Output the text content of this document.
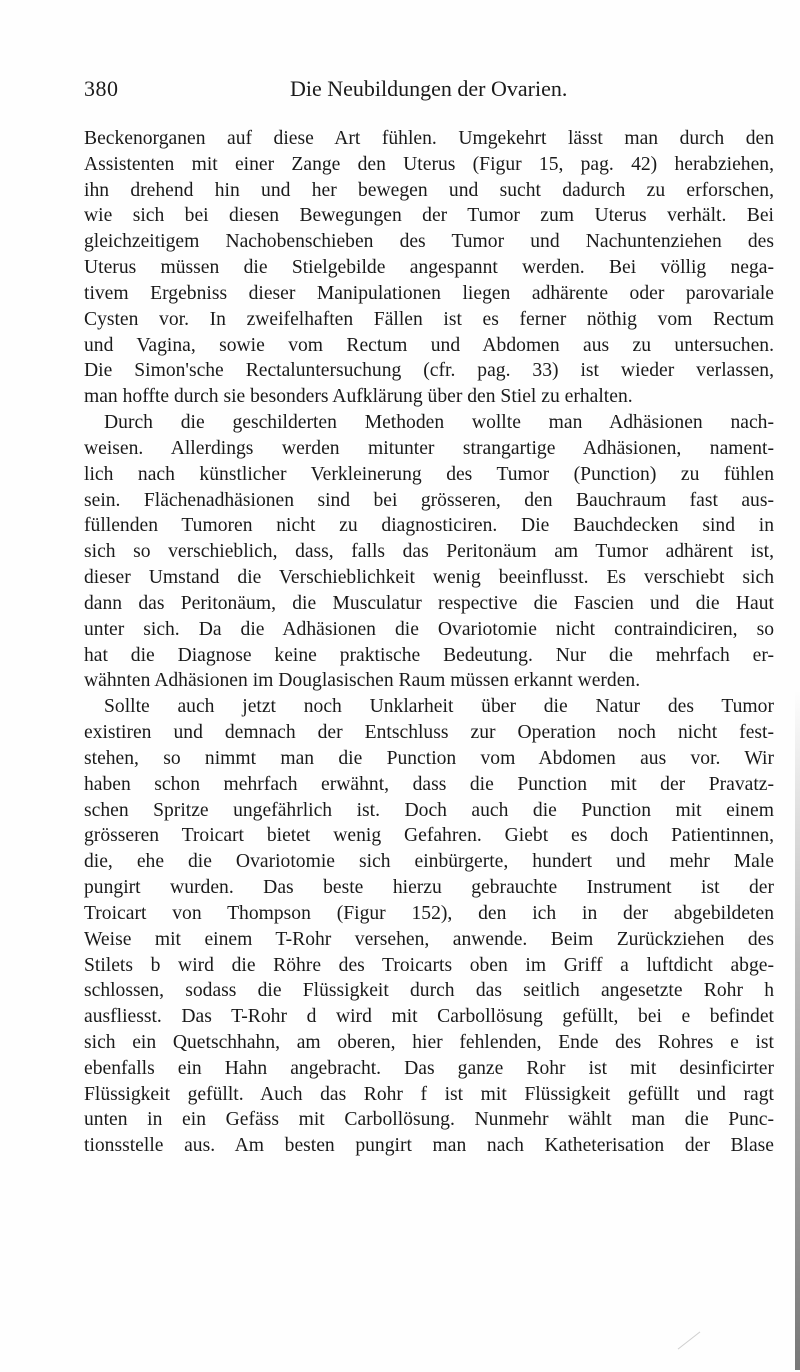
380	Die Neubildungen der Ovarien.
Beckenorganen auf diese Art fühlen. Umgekehrt lässt man durch den
Assistenten mit einer Zange den Uterus (Figur 15, pag. 42) herabziehen,
ihn drehend hin und her bewegen und sucht dadurch zu erforschen,
wie sich bei diesen Bewegungen der Tumor zum Uterus verhält. Bei
gleichzeitigem Nachobenschieben des Tumor und Nachuntenziehen des
Uterus müssen die Stielgebilde angespannt werden. Bei völlig nega-
tivem Ergebniss dieser Manipulationen liegen adhärente oder parovariale
Cysten vor. In zweifelhaften Fällen ist es ferner nöthig vom Rectum
und Vagina, sowie vom Rectum und Abdomen aus zu untersuchen.
Die Simon'sche Rectaluntersuchung (cfr. pag. 33) ist wieder verlassen,
man hoffte durch sie besonders Aufklärung über den Stiel zu erhalten.
Durch die geschilderten Methoden wollte man Adhäsionen nach-
weisen. Allerdings werden mitunter strangartige Adhäsionen, nament-
lich nach künstlicher Verkleinerung des Tumor (Punction) zu fühlen
sein. Flächenadhäsionen sind bei grösseren, den Bauchraum fast aus-
füllenden Tumoren nicht zu diagnosticiren. Die Bauchdecken sind in
sich so verschieblich, dass, falls das Peritonäum am Tumor adhärent ist,
dieser Umstand die Verschieblichkeit wenig beeinflusst. Es verschiebt sich
dann das Peritonäum, die Musculatur respective die Fascien und die Haut
unter sich. Da die Adhäsionen die Ovariotomie nicht contraindiciren, so
hat die Diagnose keine praktische Bedeutung. Nur die mehrfach er-
wähnten Adhäsionen im Douglasischen Raum müssen erkannt werden.
Sollte auch jetzt noch Unklarheit über die Natur des Tumor
existiren und demnach der Entschluss zur Operation noch nicht fest-
stehen, so nimmt man die Punction vom Abdomen aus vor. Wir
haben schon mehrfach erwähnt, dass die Punction mit der Pravatz-
schen Spritze ungefährlich ist. Doch auch die Punction mit einem
grösseren Troicart bietet wenig Gefahren. Giebt es doch Patientinnen,
die, ehe die Ovariotomie sich einbürgerte, hundert und mehr Male
pungirt wurden. Das beste hierzu gebrauchte Instrument ist der
Troicart von Thompson (Figur 152), den ich in der abgebildeten
Weise mit einem T-Rohr versehen, anwende. Beim Zurückziehen des
Stilets b wird die Röhre des Troicarts oben im Griff a luftdicht abge-
schlossen, sodass die Flüssigkeit durch das seitlich angesetzte Rohr h
ausfliesst. Das T-Rohr d wird mit Carbollösung gefüllt, bei e befindet
sich ein Quetschhahn, am oberen, hier fehlenden, Ende des Rohres e ist
ebenfalls ein Hahn angebracht. Das ganze Rohr ist mit desinficirter
Flüssigkeit gefüllt. Auch das Rohr f ist mit Flüssigkeit gefüllt und ragt
unten in ein Gefäss mit Carbollösung. Nunmehr wählt man die Punc-
tionsstelle aus. Am besten pungirt man nach Katheterisation der Blase
